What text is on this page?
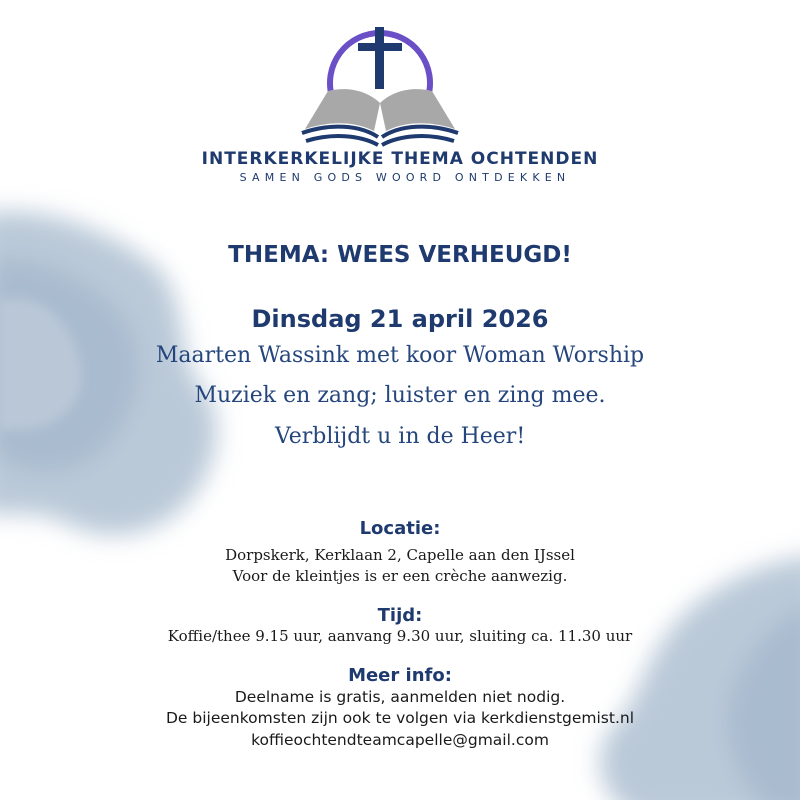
INTERKERKELIJKE THEMA OCHTENDEN
SAMEN GODS WOORD ONTDEKKEN
THEMA: WEES VERHEUGD!
Dinsdag 21 april 2026
Maarten Wassink met koor Woman Worship
Muziek en zang; luister en zing mee.
Verblijdt u in de Heer!
Locatie:
Dorpskerk, Kerklaan 2, Capelle aan den IJssel
Voor de kleintjes is er een crèche aanwezig.
Tijd:
Koffie/thee 9.15 uur, aanvang 9.30 uur, sluiting ca. 11.30 uur
Meer info:
Deelname is gratis, aanmelden niet nodig.
De bijeenkomsten zijn ook te volgen via kerkdienstgemist.nl
koffieochtendteamcapelle@gmail.com
